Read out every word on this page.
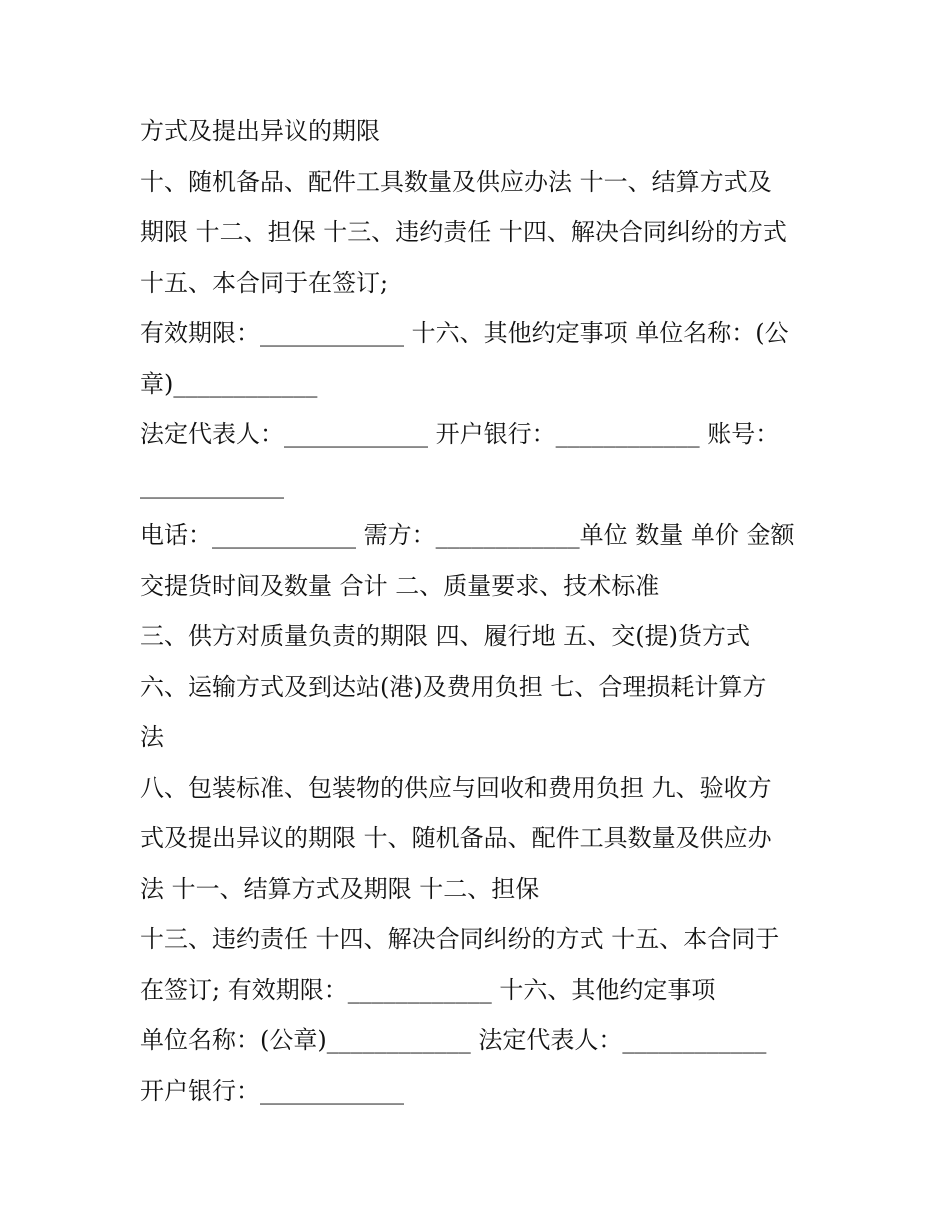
方式及提出异议的期限
十、随机备品、配件工具数量及供应办法 十一、结算方式及
期限 十二、担保 十三、违约责任 十四、解决合同纠纷的方式
十五、本合同于在签订;
有效期限：____________ 十六、其他约定事项 单位名称：(公
章)____________
法定代表人：____________ 开户银行：____________ 账号：
____________
电话：____________ 需方：____________单位 数量 单价 金额
交提货时间及数量 合计 二、质量要求、技术标准
三、供方对质量负责的期限 四、履行地 五、交(提)货方式
六、运输方式及到达站(港)及费用负担 七、合理损耗计算方
法
八、包装标准、包装物的供应与回收和费用负担 九、验收方
式及提出异议的期限 十、随机备品、配件工具数量及供应办
法 十一、结算方式及期限 十二、担保
十三、违约责任 十四、解决合同纠纷的方式 十五、本合同于
在签订; 有效期限：____________ 十六、其他约定事项
单位名称：(公章)____________ 法定代表人：____________
开户银行：____________
